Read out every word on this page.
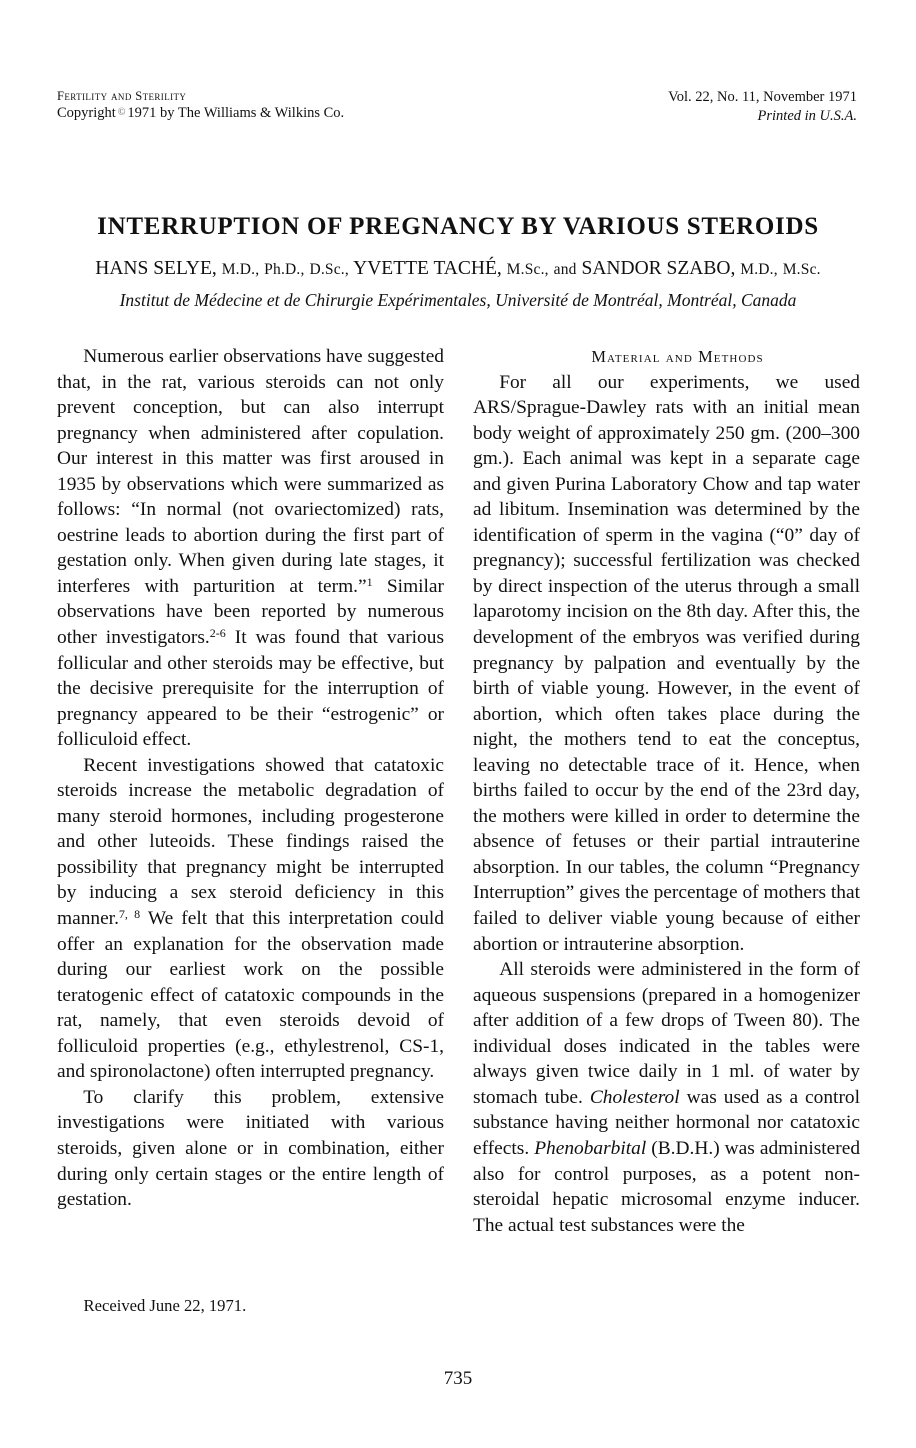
Fertility and Sterility
Copyright © 1971 by The Williams & Wilkins Co.
Vol. 22, No. 11, November 1971
Printed in U.S.A.
INTERRUPTION OF PREGNANCY BY VARIOUS STEROIDS
HANS SELYE, M.D., Ph.D., D.Sc., YVETTE TACHÉ, M.Sc., and SANDOR SZABO, M.D., M.Sc.
Institut de Médecine et de Chirurgie Expérimentales, Université de Montréal, Montréal, Canada

Numerous earlier observations have suggested that, in the rat, various steroids can not only prevent conception, but can also interrupt pregnancy when administered after copulation. Our interest in this matter was first aroused in 1935 by observations which were summarized as follows: “In normal (not ovariectomized) rats, oestrine leads to abortion during the first part of gestation only. When given during late stages, it interferes with parturition at term.”$^1$ Similar observations have been reported by numerous other investigators.$^{2-6}$ It was found that various follicular and other steroids may be effective, but the decisive prerequisite for the interruption of pregnancy appeared to be their “estrogenic” or folliculoid effect.

Recent investigations showed that catatoxic steroids increase the metabolic degradation of many steroid hormones, including progesterone and other luteoids. These findings raised the possibility that pregnancy might be interrupted by inducing a sex steroid deficiency in this manner.$^{7, 8}$ We felt that this interpretation could offer an explanation for the observation made during our earliest work on the possible teratogenic effect of catatoxic compounds in the rat, namely, that even steroids devoid of folliculoid properties (e.g., ethylestrenol, CS-1, and spironolactone) often interrupted pregnancy.

To clarify this problem, extensive investigations were initiated with various steroids, given alone or in combination, either during only certain stages or the entire length of gestation.

Material and Methods

For all our experiments, we used ARS/Sprague-Dawley rats with an initial mean body weight of approximately 250 gm. (200–300 gm.). Each animal was kept in a separate cage and given Purina Laboratory Chow and tap water ad libitum. Insemination was determined by the identification of sperm in the vagina (“0” day of pregnancy); successful fertilization was checked by direct inspection of the uterus through a small laparotomy incision on the 8th day. After this, the development of the embryos was verified during pregnancy by palpation and eventually by the birth of viable young. However, in the event of abortion, which often takes place during the night, the mothers tend to eat the conceptus, leaving no detectable trace of it. Hence, when births failed to occur by the end of the 23rd day, the mothers were killed in order to determine the absence of fetuses or their partial intrauterine absorption. In our tables, the column “Pregnancy Interruption” gives the percentage of mothers that failed to deliver viable young because of either abortion or intrauterine absorption.

All steroids were administered in the form of aqueous suspensions (prepared in a homogenizer after addition of a few drops of Tween 80). The individual doses indicated in the tables were always given twice daily in 1 ml. of water by stomach tube. Cholesterol was used as a control substance having neither hormonal nor catatoxic effects. Phenobarbital (B.D.H.) was administered also for control purposes, as a potent non-steroidal hepatic microsomal enzyme inducer. The actual test substances were the

Received June 22, 1971.
735
